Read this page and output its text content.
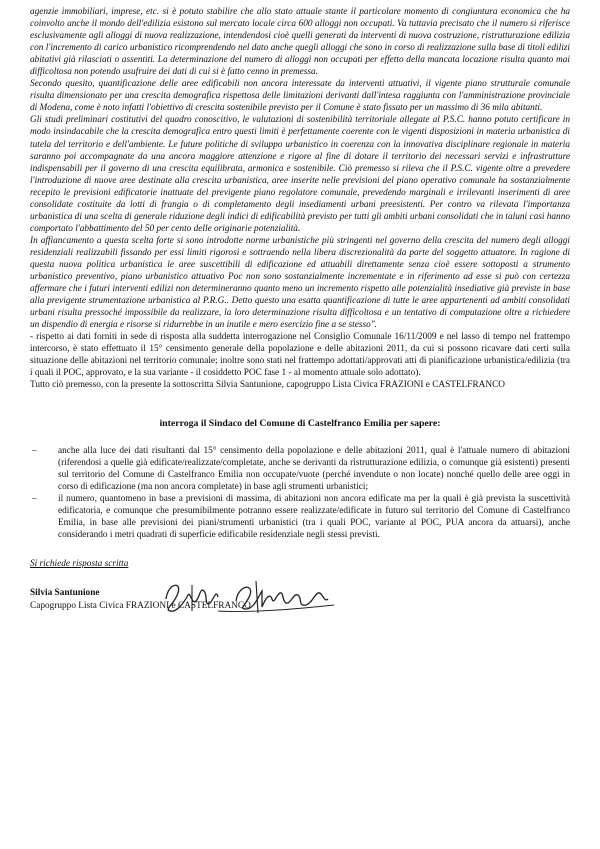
agenzie immobiliari, imprese, etc. si è potuto stabilire che allo stato attuale stante il particolare momento di congiuntura economica che ha coinvolto anche il mondo dell'edilizia esistono sul mercato locale circa 600 alloggi non occupati. Va tuttavia precisato che il numero si riferisce esclusivamente agli alloggi di nuova realizzazione, intendendosi cioè quelli generati da interventi di nuova costruzione, ristrutturazione edilizia con l'incremento di carico urbanistico ricomprendendo nel dato anche quegli alloggi che sono in corso di realizzazione sulla base di titoli edilizi abitativi già rilasciati o assentiti. La determinazione del numero di alloggi non occupati per effetto della mancata locazione risulta quanto mai difficoltosa non potendo usufruire dei dati di cui si è fatto cenno in premessa.

Secondo quesito, quantificazione delle aree edificabili non ancora interessate da interventi attuativi, il vigente piano strutturale comunale risulta dimensionato per una crescita demografica rispettosa delle limitazioni derivanti dall'intesa raggiunta con l'amministrazione provinciale di Modena, come è noto infatti l'obiettivo di crescita sostenibile previsto per il Comune è stato fissato per un massimo di 36 mila abitanti.

Gli studi preliminari costitutivi del quadro conoscitivo, le valutazioni di sostenibilità territoriale allegate al P.S.C. hanno potuto certificare in modo insindacabile che la crescita demografica entro questi limiti è perfettamente coerente con le vigenti disposizioni in materia urbanistica di tutela del territorio e dell'ambiente. Le future politiche di sviluppo urbanistico in coerenza con la innovativa disciplinare regionale in materia saranno poi accompagnate da una ancora maggiore attenzione e rigore al fine di dotare il territorio dei necessari servizi e infrastrutture indispensabili per il governo di una crescita equilibrata, armonica e sostenibile. Ciò premesso si rileva che il P.S.C. vigente oltre a prevedere l'introduzione di nuove aree destinate alla crescita urbanistica, aree inserite nelle previsioni del piano operativo comunale ha sostanzialmente recepito le previsioni edificatorie inattuate del previgente piano regolatore comunale, prevedendo marginali e irrilevanti inserimenti di aree consolidate costituite da lotti di frangia o di completamento degli insediamenti urbani preesistenti. Per contro va rilevata l'importanza urbanistica di una scelta di generale riduzione degli indici di edificabilità previsto per tutti gli ambiti urbani consolidati che in taluni casi hanno comportato l'abbattimento del 50 per cento delle originarie potenzialità.

In affiancamento a questa scelta forte si sono introdotte norme urbanistiche più stringenti nel governo della crescita del numero degli alloggi residenziali realizzabili fissando per essi limiti rigorosi e sottraendo nella libera discrezionalità da parte del soggetto attuatore. In ragione di questa nuova politica urbanistica le aree suscettibili di edificazione ed attuabili direttamente senza cioè essere sottoposti a strumento urbanistico preventivo, piano urbanistico attuativo Poc non sono sostanzialmente incrementate e in riferimento ad esse si può con certezza affermare che i futuri interventi edilizi non determineranno quanto meno un incremento rispetto alle potenzialità insediative già previste in base alla previgente strumentazione urbanistica al P.R.G.. Detto questo una esatta quantificazione di tutte le aree appartenenti ad ambiti consolidati urbani risulta pressoché impossibile da realizzare, la loro determinazione risulta difficoltosa e un tentativo di computazione oltre a richiedere un dispendio di energia e risorse si ridurrebbe in un inutile e mero esercizio fine a se stesso".

- rispetto ai dati forniti in sede di risposta alla suddetta interrogazione nel Consiglio Comunale 16/11/2009 e nel lasso di tempo nel frattempo intercorso, è stato effettuato il 15° censimento generale della popolazione e delle abitazioni 2011, da cui si possono ricavare dati certi sulla situazione delle abitazioni nel territorio comunale; inoltre sono stati nel frattempo adottati/approvati atti di pianificazione urbanistica/edilizia (tra i quali il POC, approvato, e la sua variante - il cosiddetto POC fase 1 - al momento attuale solo adottato).

Tutto ciò premesso, con la presente la sottoscritta Silvia Santunione, capogruppo Lista Civica FRAZIONI e CASTELFRANCO

interroga il Sindaco del Comune di Castelfranco Emilia per sapere:
– anche alla luce dei dati risultanti dal 15° censimento della popolazione e delle abitazioni 2011, qual è l'attuale numero di abitazioni (riferendosi a quelle già edificate/realizzate/completate, anche se derivanti da ristrutturazione edilizia, o comunque già esistenti) presenti sul territorio del Comune di Castelfranco Emilia non occupate/vuote (perché invendute o non locate) nonché quello delle aree oggi in corso di edificazione (ma non ancora completate) in base agli strumenti urbanistici;
– il numero, quantomeno in base a previsioni di massima, di abitazioni non ancora edificate ma per la quali è già prevista la suscettività edificatoria, e comunque che presumibilmente potranno essere realizzate/edificate in futuro sul territorio del Comune di Castelfranco Emilia, in base alle previsioni dei piani/strumenti urbanistici (tra i quali POC, variante al POC, PUA ancora da attuarsi), anche considerando i metri quadrati di superficie edificabile residenziale negli stessi previsti.
Si richiede risposta scritta
Silvia Santunione
Capogruppo Lista Civica FRAZIONI e CASTELFRANCO
